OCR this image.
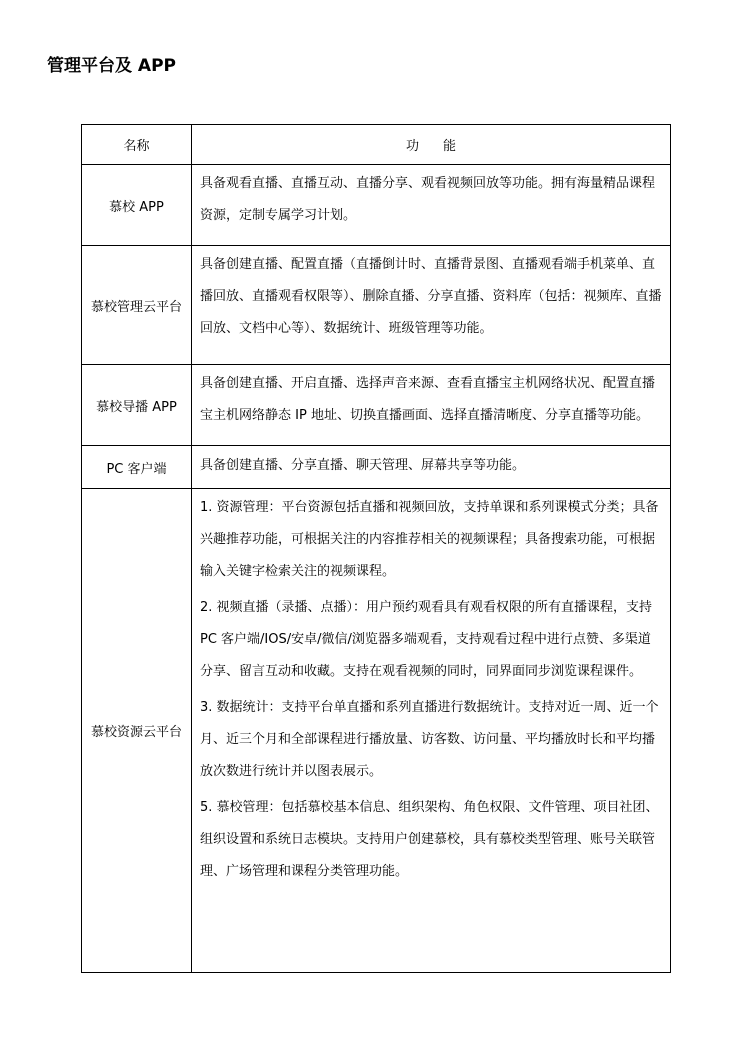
管理平台及 APP
名称	功 能
慕校 APP	具备观看直播、直播互动、直播分享、观看视频回放等功能。拥有海量精品课程资源，定制专属学习计划。

慕校管理云平台	具备创建直播、配置直播（直播倒计时、直播背景图、直播观看端手机菜单、直播回放、直播观看权限等）、删除直播、分享直播、资料库（包括：视频库、直播回放、文档中心等）、数据统计、班级管理等功能。

慕校导播 APP	具备创建直播、开启直播、选择声音来源、查看直播宝主机网络状况、配置直播宝主机网络静态 IP 地址、切换直播画面、选择直播清晰度、分享直播等功能。

PC 客户端	具备创建直播、分享直播、聊天管理、屏幕共享等功能。

慕校资源云平台	1. 资源管理：平台资源包括直播和视频回放，支持单课和系列课模式分类；具备兴趣推荐功能，可根据关注的内容推荐相关的视频课程；具备搜索功能，可根据输入关键字检索关注的视频课程。

2. 视频直播（录播、点播）：用户预约观看具有观看权限的所有直播课程，支持 PC 客户端/IOS/安卓/微信/浏览器多端观看，支持观看过程中进行点赞、多渠道分享、留言互动和收藏。支持在观看视频的同时，同界面同步浏览课程课件。

3. 数据统计：支持平台单直播和系列直播进行数据统计。支持对近一周、近一个月、近三个月和全部课程进行播放量、访客数、访问量、平均播放时长和平均播放次数进行统计并以图表展示。

5. 慕校管理：包括慕校基本信息、组织架构、角色权限、文件管理、项目社团、组织设置和系统日志模块。支持用户创建慕校，具有慕校类型管理、账号关联管理、广场管理和课程分类管理功能。
